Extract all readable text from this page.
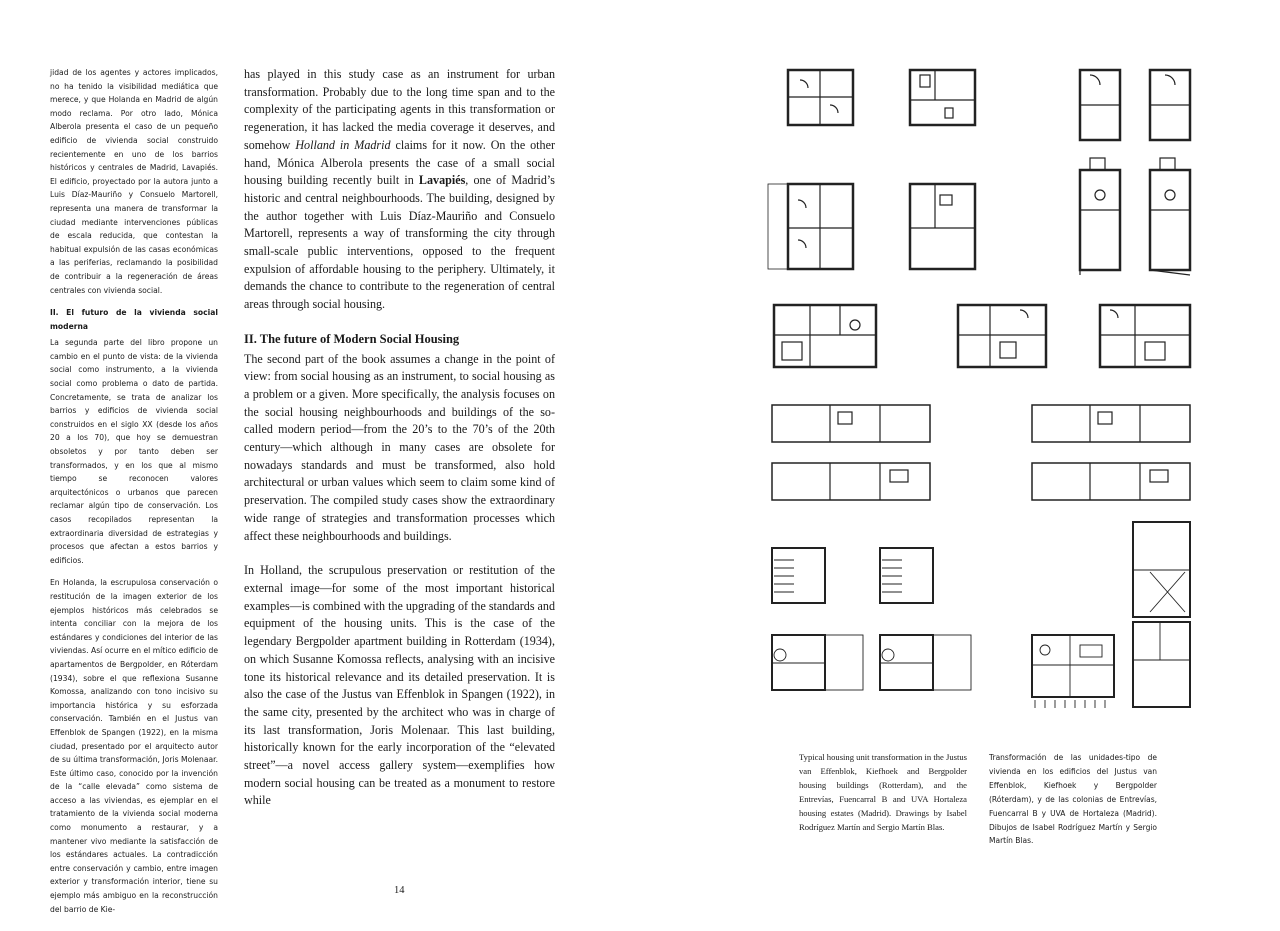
jidad de los agentes y actores implicados, no ha tenido la visibilidad mediática que merece, y que Holanda en Madrid de algún modo reclama. Por otro lado, Mónica Alberola presenta el caso de un pequeño edificio de vivienda social construido recientemente en uno de los barrios históricos y centrales de Madrid, Lavapiés. El edificio, proyectado por la autora junto a Luis Díaz-Mauriño y Consuelo Martorell, representa una manera de transformar la ciudad mediante intervenciones públicas de escala reducida, que contestan la habitual expulsión de las casas económicas a las periferias, reclamando la posibilidad de contribuir a la regeneración de áreas centrales con vivienda social.

II. El futuro de la vivienda social moderna

La segunda parte del libro propone un cambio en el punto de vista: de la vivienda social como instrumento, a la vivienda social como problema o dato de partida. Concretamente, se trata de analizar los barrios y edificios de vivienda social construidos en el siglo XX (desde los años 20 a los 70), que hoy se demuestran obsoletos y por tanto deben ser transformados, y en los que al mismo tiempo se reconocen valores arquitectónicos o urbanos que parecen reclamar algún tipo de conservación. Los casos recopilados representan la extraordinaria diversidad de estrategias y procesos que afectan a estos barrios y edificios.

En Holanda, la escrupulosa conservación o restitución de la imagen exterior de los ejemplos históricos más celebrados se intenta conciliar con la mejora de los estándares y condiciones del interior de las viviendas. Así ocurre en el mítico edificio de apartamentos de Bergpolder, en Róterdam (1934), sobre el que reflexiona Susanne Komossa, analizando con tono incisivo su importancia histórica y su esforzada conservación. También en el Justus van Effenblok de Spangen (1922), en la misma ciudad, presentado por el arquitecto autor de su última transformación, Joris Molenaar. Este último caso, conocido por la invención de la “calle elevada” como sistema de acceso a las viviendas, es ejemplar en el tratamiento de la vivienda social moderna como monumento a restaurar, y a mantener vivo mediante la satisfacción de los estándares actuales. La contradicción entre conservación y cambio, entre imagen exterior y transformación interior, tiene su ejemplo más ambiguo en la reconstrucción del barrio de Kie-

has played in this study case as an instrument for urban transformation. Probably due to the long time span and to the complexity of the participating agents in this transformation or regeneration, it has lacked the media coverage it deserves, and somehow Holland in Madrid claims for it now. On the other hand, Mónica Alberola presents the case of a small social housing building recently built in Lavapiés, one of Madrid’s historic and central neighbourhoods. The building, designed by the author together with Luis Díaz-Mauriño and Consuelo Martorell, represents a way of transforming the city through small-scale public interventions, opposed to the frequent expulsion of affordable housing to the periphery. Ultimately, it demands the chance to contribute to the regeneration of central areas through social housing.

II. The future of Modern Social Housing

The second part of the book assumes a change in the point of view: from social housing as an instrument, to social housing as a problem or a given. More specifically, the analysis focuses on the social housing neighbourhoods and buildings of the so-called modern period—from the 20’s to the 70’s of the 20th century—which although in many cases are obsolete for nowadays standards and must be transformed, also hold architectural or urban values which seem to claim some kind of preservation. The compiled study cases show the extraordinary wide range of strategies and transformation processes which affect these neighbourhoods and buildings.

In Holland, the scrupulous preservation or restitution of the external image—for some of the most important historical examples—is combined with the upgrading of the standards and equipment of the housing units. This is the case of the legendary Bergpolder apartment building in Rotterdam (1934), on which Susanne Komossa reflects, analysing with an incisive tone its historical relevance and its detailed preservation. It is also the case of the Justus van Effenblok in Spangen (1922), in the same city, presented by the architect who was in charge of its last transformation, Joris Molenaar. This last building, historically known for the early incorporation of the “elevated street”—a novel access gallery system—exemplifies how modern social housing can be treated as a monument to restore while

14
Typical housing unit transformation in the Justus van Effenblok, Kiefhoek and Bergpolder housing buildings (Rotterdam), and the Entrevías, Fuencarral B and UVA Hortaleza housing estates (Madrid). Drawings by Isabel Rodríguez Martín and Sergio Martín Blas.
Transformación de las unidades-tipo de vivienda en los edificios del Justus van Effenblok, Kiefhoek y Bergpolder (Róterdam), y de las colonias de Entrevías, Fuencarral B y UVA de Hortaleza (Madrid). Dibujos de Isabel Rodríguez Martín y Sergio Martín Blas.
